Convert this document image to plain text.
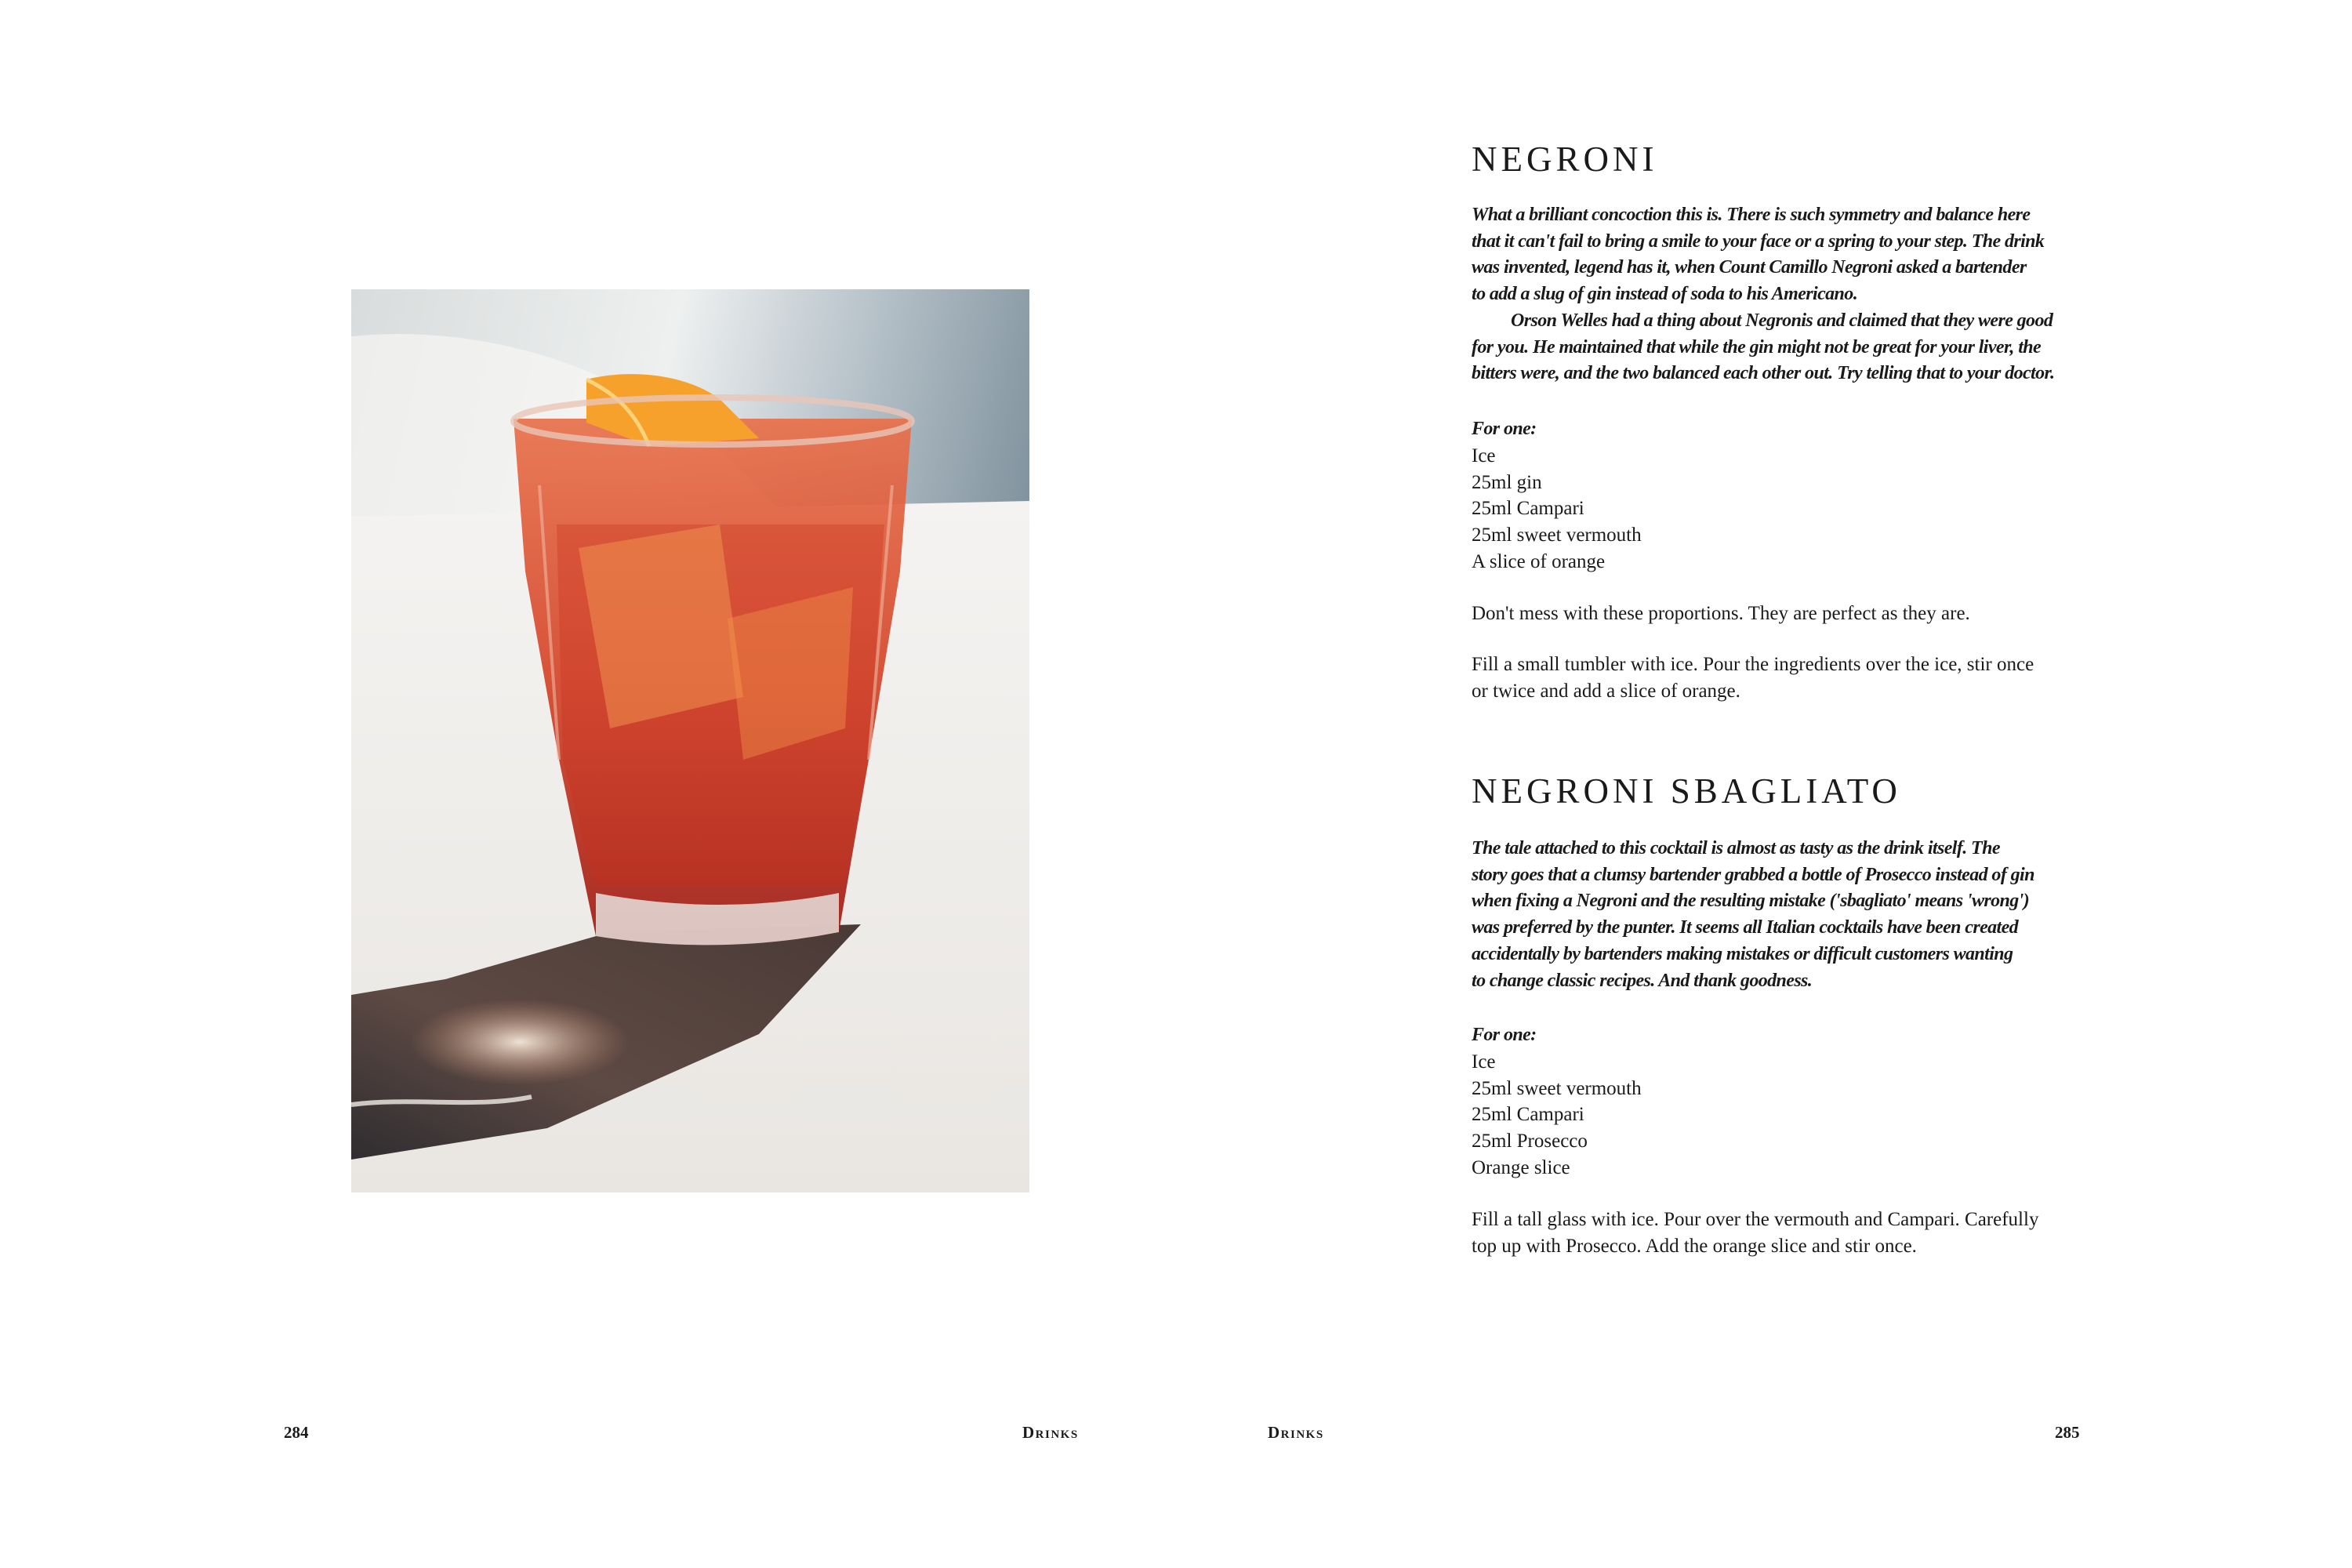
284	Drinks
NEGRONI
What a brilliant concoction this is. There is such symmetry and balance here
that it can't fail to bring a smile to your face or a spring to your step. The drink
was invented, legend has it, when Count Camillo Negroni asked a bartender
to add a slug of gin instead of soda to his Americano.
Orson Welles had a thing about Negronis and claimed that they were good
for you. He maintained that while the gin might not be great for your liver, the
bitters were, and the two balanced each other out. Try telling that to your doctor.
For one:
Ice
25ml gin
25ml Campari
25ml sweet vermouth
A slice of orange
Don't mess with these proportions. They are perfect as they are.
Fill a small tumbler with ice. Pour the ingredients over the ice, stir once
or twice and add a slice of orange.
NEGRONI SBAGLIATO
The tale attached to this cocktail is almost as tasty as the drink itself. The
story goes that a clumsy bartender grabbed a bottle of Prosecco instead of gin
when fixing a Negroni and the resulting mistake ('sbagliato' means 'wrong')
was preferred by the punter. It seems all Italian cocktails have been created
accidentally by bartenders making mistakes or difficult customers wanting
to change classic recipes. And thank goodness.
For one:
Ice
25ml sweet vermouth
25ml Campari
25ml Prosecco
Orange slice
Fill a tall glass with ice. Pour over the vermouth and Campari. Carefully
top up with Prosecco. Add the orange slice and stir once.
Drinks	285
